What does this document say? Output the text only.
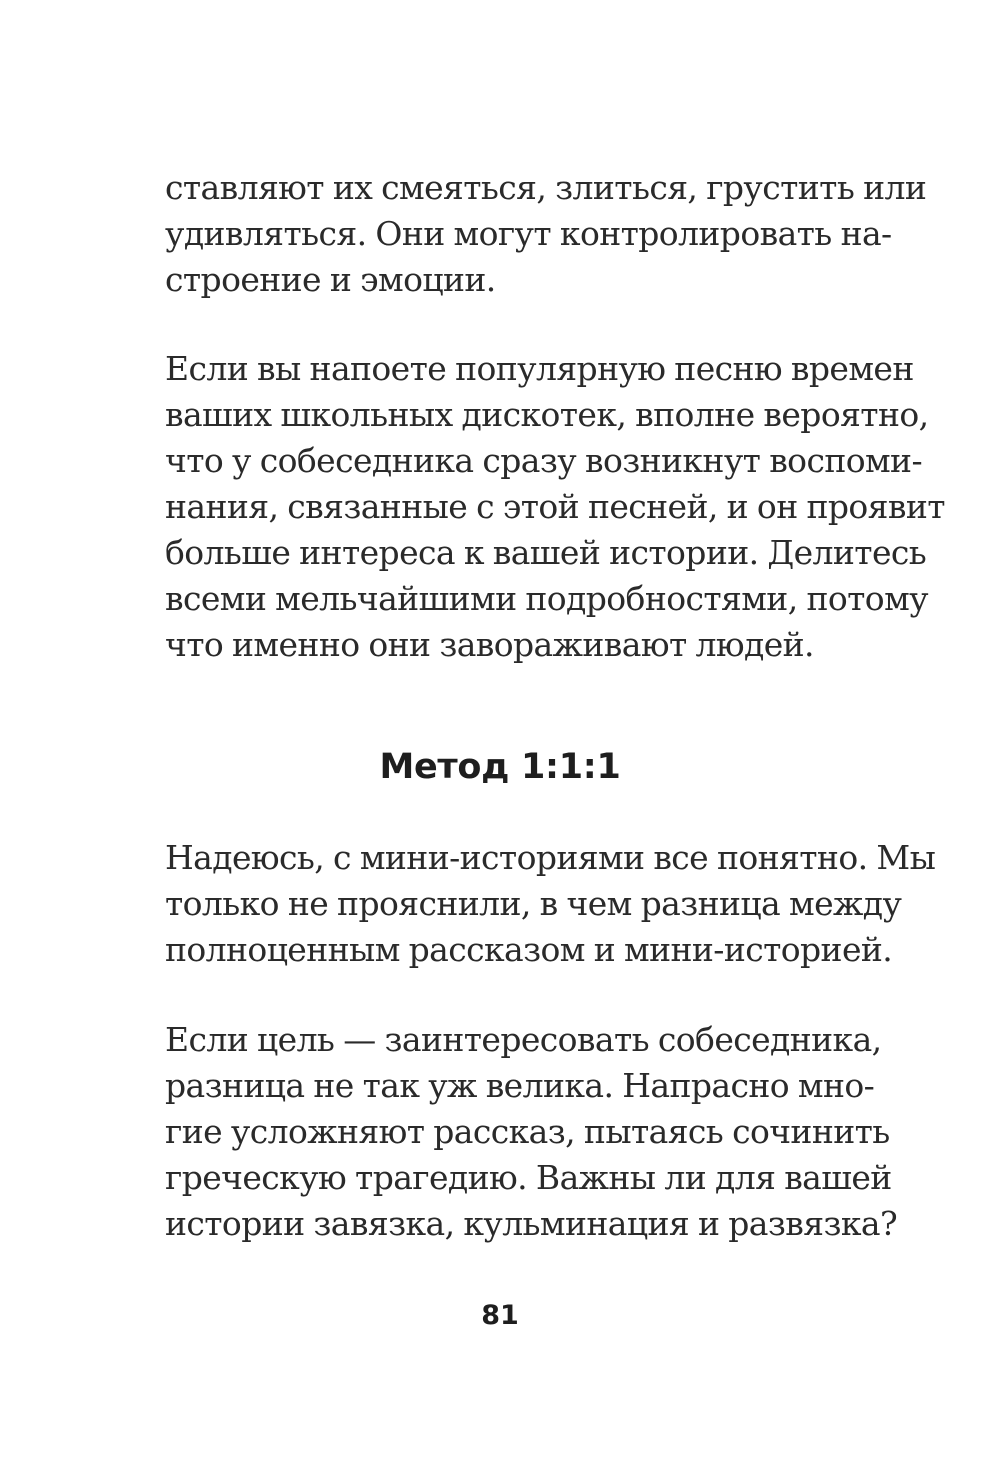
ставляют их смеяться, злиться, грустить или

удивляться. Они могут контролировать на-

строение и эмоции.

Если вы напоете популярную песню времен

ваших школьных дискотек, вполне вероятно,

что у собеседника сразу возникнут воспоми-

нания, связанные с этой песней, и он проявит

больше интереса к вашей истории. Делитесь

всеми мельчайшими подробностями, потому

что именно они завораживают людей.

Метод 1:1:1

Надеюсь, с мини-историями все понятно. Мы

только не прояснили, в чем разница между

полноценным рассказом и мини-историей.

Если цель — заинтересовать собеседника,

разница не так уж велика. Напрасно мно-

гие усложняют рассказ, пытаясь сочинить

греческую трагедию. Важны ли для вашей

истории завязка, кульминация и развязка?

81
